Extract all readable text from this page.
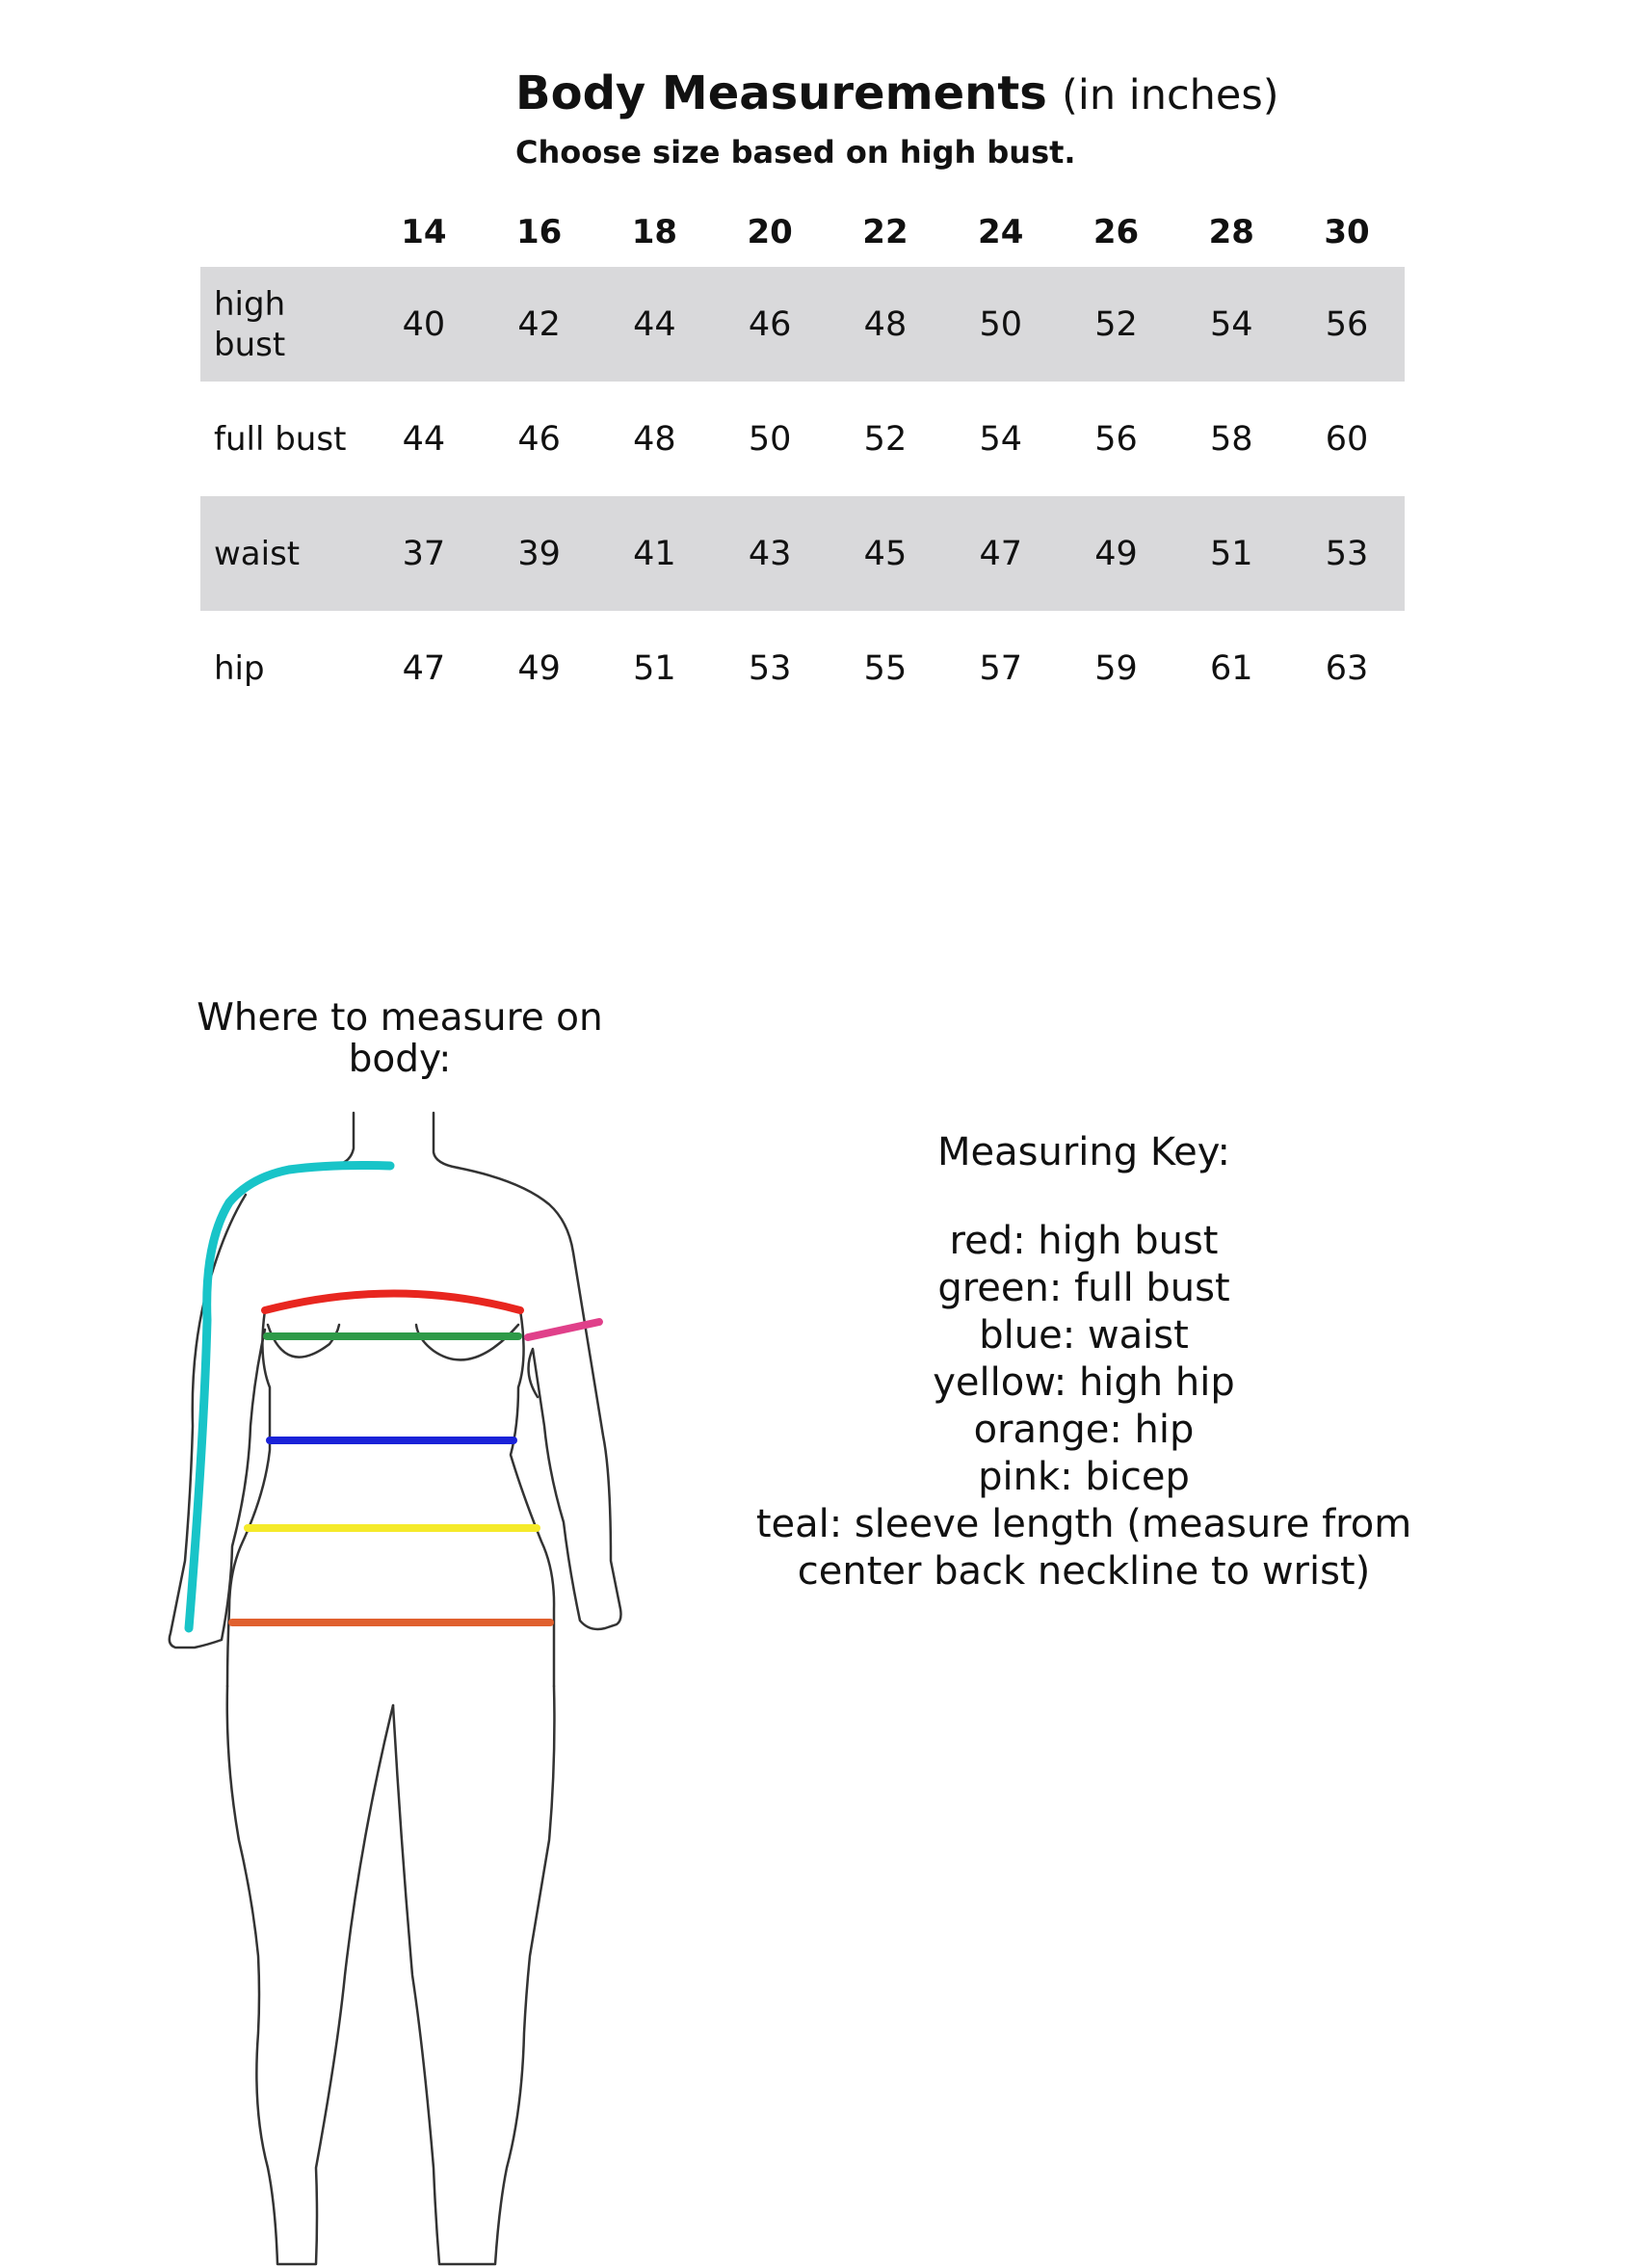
Body Measurements (in inches)
Choose size based on high bust.
	14	16	18	20	22	24	26	28	30
high bust	40	42	44	46	48	50	52	54	56
full bust	44	46	48	50	52	54	56	58	60
waist	37	39	41	43	45	47	49	51	53
hip	47	49	51	53	55	57	59	61	63
Where to measure on body:
Measuring Key:
red: high bust
green: full bust
blue: waist
yellow: high hip
orange: hip
pink: bicep
teal: sleeve length (measure from center back neckline to wrist)
